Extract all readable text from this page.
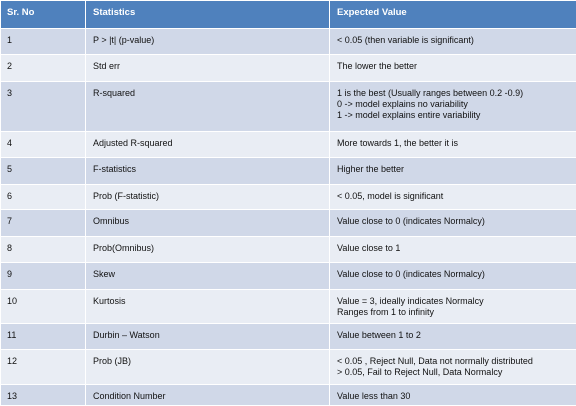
Sr. No	Statistics	Expected Value
1	P > |t| (p-value)	< 0.05 (then variable is significant)

2	Std err	The lower the better

3	R-squared	1 is the best (Usually ranges between 0.2 -0.9)
0 -> model explains no variability
1 -> model explains entire variability

4	Adjusted R-squared	More towards 1, the better it is

5	F-statistics	Higher the better

6	Prob (F-statistic)	< 0.05, model is significant

7	Omnibus	Value close to 0 (indicates Normalcy)

8	Prob(Omnibus)	Value close to 1

9	Skew	Value close to 0 (indicates Normalcy)

10	Kurtosis	Value = 3, ideally indicates Normalcy
Ranges from 1 to infinity

11	Durbin – Watson	Value between 1 to 2

12	Prob (JB)	< 0.05 , Reject Null, Data not normally distributed
> 0.05, Fail to Reject Null, Data Normalcy

13	Condition Number	Value less than 30
